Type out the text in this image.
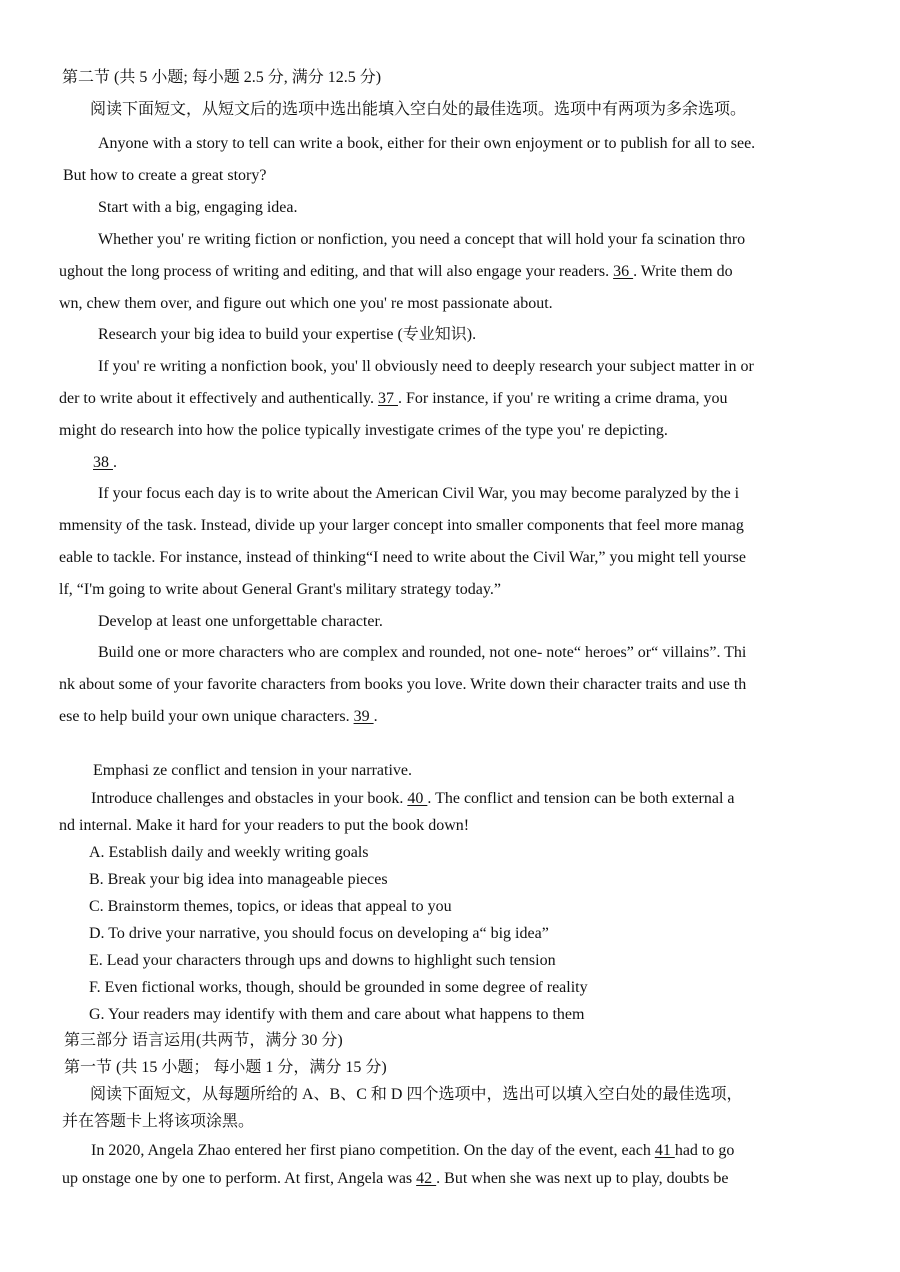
第二节 (共 5 小题; 每小题 2.5 分, 满分 12.5 分)
阅读下面短文，从短文后的选项中选出能填入空白处的最佳选项。选项中有两项为多余选项。
Anyone with a story to tell can write a book, either for their own enjoyment or to publish for all to see.
But how to create a great story?
Start with a big, engaging idea.
Whether you' re writing fiction or nonfiction, you need a concept that will hold your fa scination thro
ughout the long process of writing and editing, and that will also engage your readers. 36 . Write them do
wn, chew them over, and figure out which one you' re most passionate about.
Research your big idea to build your expertise (专业知识).
If you' re writing a nonfiction book, you' ll obviously need to deeply research your subject matter in or
der to write about it effectively and authentically. 37 . For instance, if you' re writing a crime drama, you
might do research into how the police typically investigate crimes of the type you' re depicting.
38 .
If your focus each day is to write about the American Civil War, you may become paralyzed by the i
mmensity of the task. Instead, divide up your larger concept into smaller components that feel more manag
eable to tackle. For instance, instead of thinking“I need to write about the Civil War,” you might tell yourse
lf, “I'm going to write about General Grant's military strategy today.”
Develop at least one unforgettable character.
Build one or more characters who are complex and rounded, not one- note“ heroes” or“ villains”. Thi
nk about some of your favorite characters from books you love. Write down their character traits and use th
ese to help build your own unique characters. 39 .
Emphasi ze conflict and tension in your narrative.
Introduce challenges and obstacles in your book. 40 . The conflict and tension can be both external a
nd internal. Make it hard for your readers to put the book down!
A. Establish daily and weekly writing goals
B. Break your big idea into manageable pieces
C. Brainstorm themes, topics, or ideas that appeal to you
D. To drive your narrative, you should focus on developing a“ big idea”
E. Lead your characters through ups and downs to highlight such tension
F. Even fictional works, though, should be grounded in some degree of reality
G. Your readers may identify with them and care about what happens to them
第三部分 语言运用(共两节，满分 30 分)
第一节 (共 15 小题； 每小题 1 分，满分 15 分)
阅读下面短文，从每题所给的 A、B、C 和 D 四个选项中，选出可以填入空白处的最佳选项，
并在答题卡上将该项涂黑。
In 2020, Angela Zhao entered her first piano competition. On the day of the event, each 41 had to go
up onstage one by one to perform. At first, Angela was 42 . But when she was next up to play, doubts be
